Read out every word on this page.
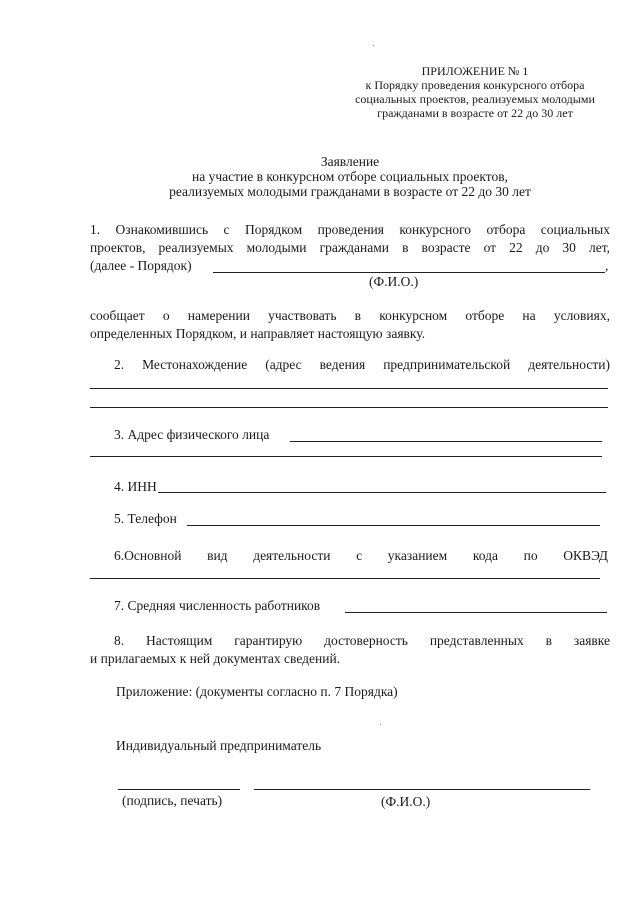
ПРИЛОЖЕНИЕ № 1
к Порядку проведения конкурсного отбора
социальных проектов, реализуемых молодыми
гражданами в возрасте от 22 до 30 лет
Заявление
на участие в конкурсном отборе социальных проектов,
реализуемых молодыми гражданами в возрасте от 22 до 30 лет
1. Ознакомившись с Порядком проведения конкурсного отбора социальных
проектов, реализуемых молодыми гражданами в возрасте от 22 до 30 лет,
(далее - Порядок)	,
(Ф.И.О.)
сообщает о намерении участвовать в конкурсном отборе на условиях,
определенных Порядком, и направляет настоящую заявку.
2. Местонахождение (адрес ведения предпринимательской деятельности)
3. Адрес физического лица
4. ИНН
5. Телефон
6.Основной вид деятельности с указанием кода по ОКВЭД
7. Средняя численность работников
8. Настоящим гарантирую достоверность представленных в заявке
и прилагаемых к ней документах сведений.
Приложение: (документы согласно п. 7 Порядка)
Индивидуальный предприниматель
(подпись, печать)	(Ф.И.О.)
